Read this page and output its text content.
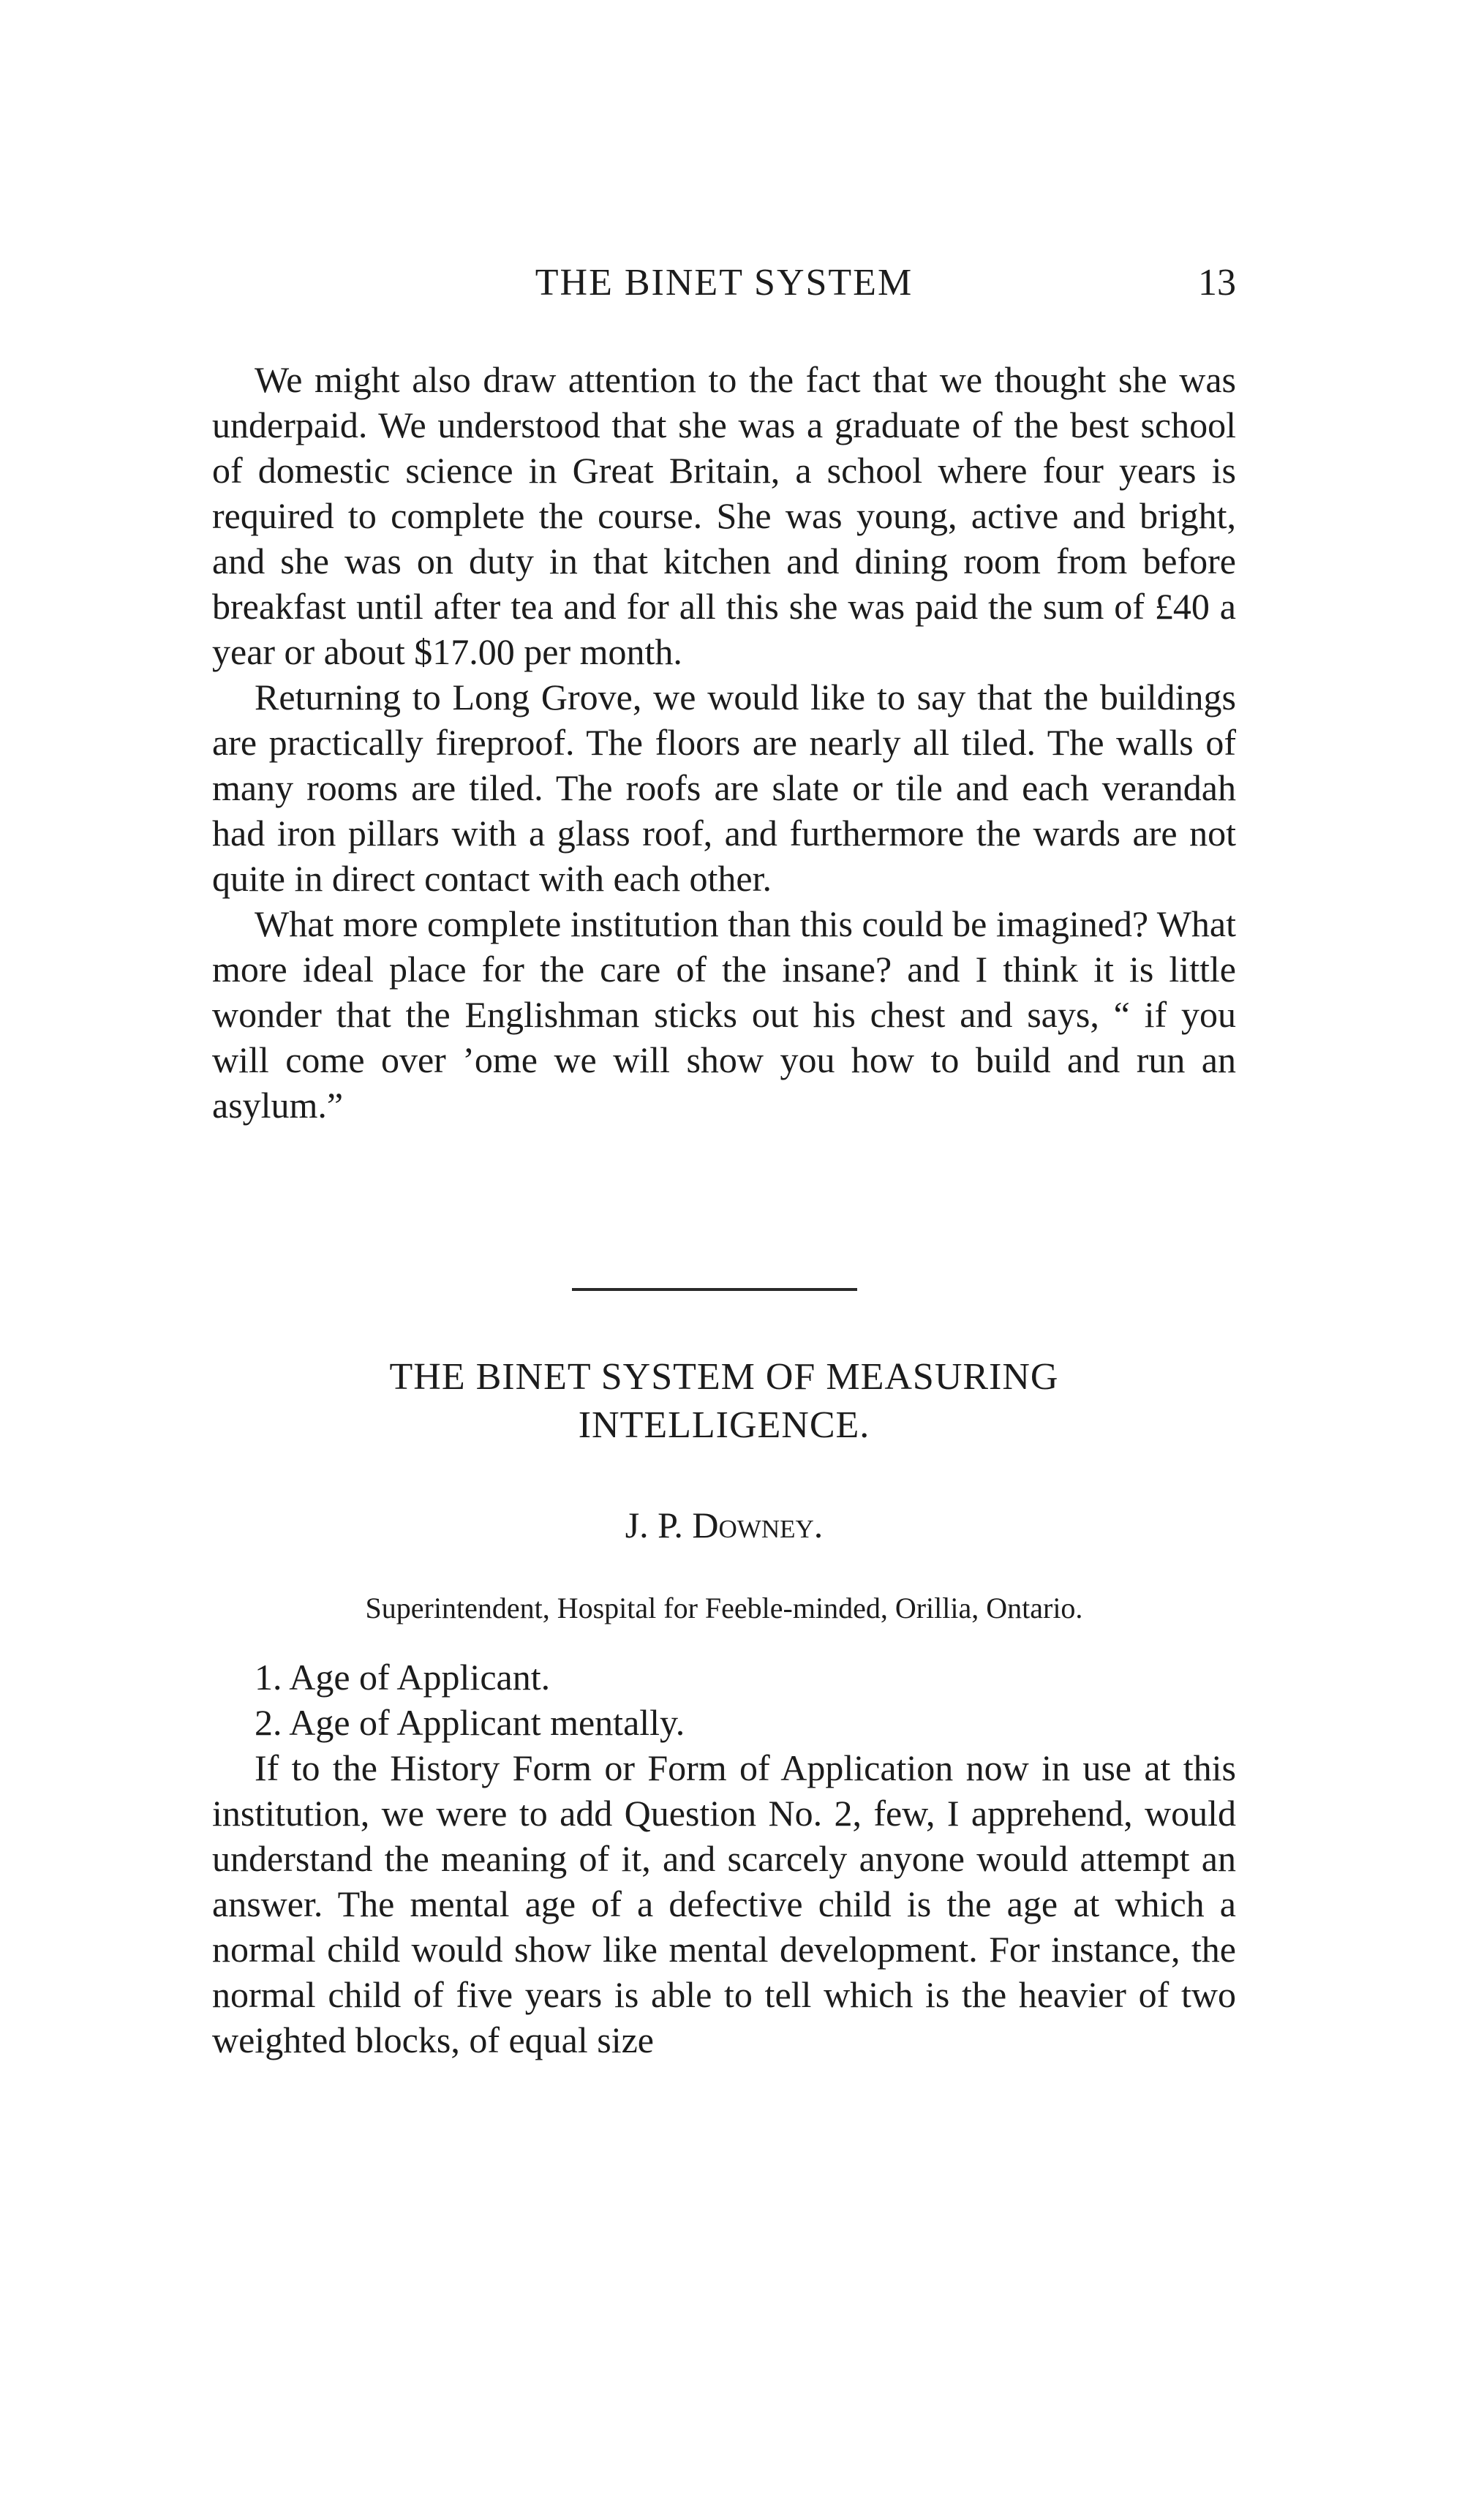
THE BINET SYSTEM	13

We might also draw attention to the fact that we thought she was underpaid. We understood that she was a graduate of the best school of domestic science in Great Britain, a school where four years is required to complete the course. She was young, active and bright, and she was on duty in that kitchen and dining room from before breakfast until after tea and for all this she was paid the sum of £40 a year or about $17.00 per month.

Returning to Long Grove, we would like to say that the buildings are practically fireproof. The floors are nearly all tiled. The walls of many rooms are tiled. The roofs are slate or tile and each verandah had iron pillars with a glass roof, and furthermore the wards are not quite in direct contact with each other.

What more complete institution than this could be imagined? What more ideal place for the care of the insane? and I think it is little wonder that the Englishman sticks out his chest and says, “ if you will come over ’ome we will show you how to build and run an asylum.”

THE BINET SYSTEM OF MEASURING
INTELLIGENCE.
J. P. Downey.
Superintendent, Hospital for Feeble-minded, Orillia, Ontario.

1. Age of Applicant.

2. Age of Applicant mentally.

If to the History Form or Form of Application now in use at this institution, we were to add Question No. 2, few, I apprehend, would understand the meaning of it, and scarcely anyone would attempt an answer. The mental age of a defective child is the age at which a normal child would show like mental development. For instance, the normal child of five years is able to tell which is the heavier of two weighted blocks, of equal size
